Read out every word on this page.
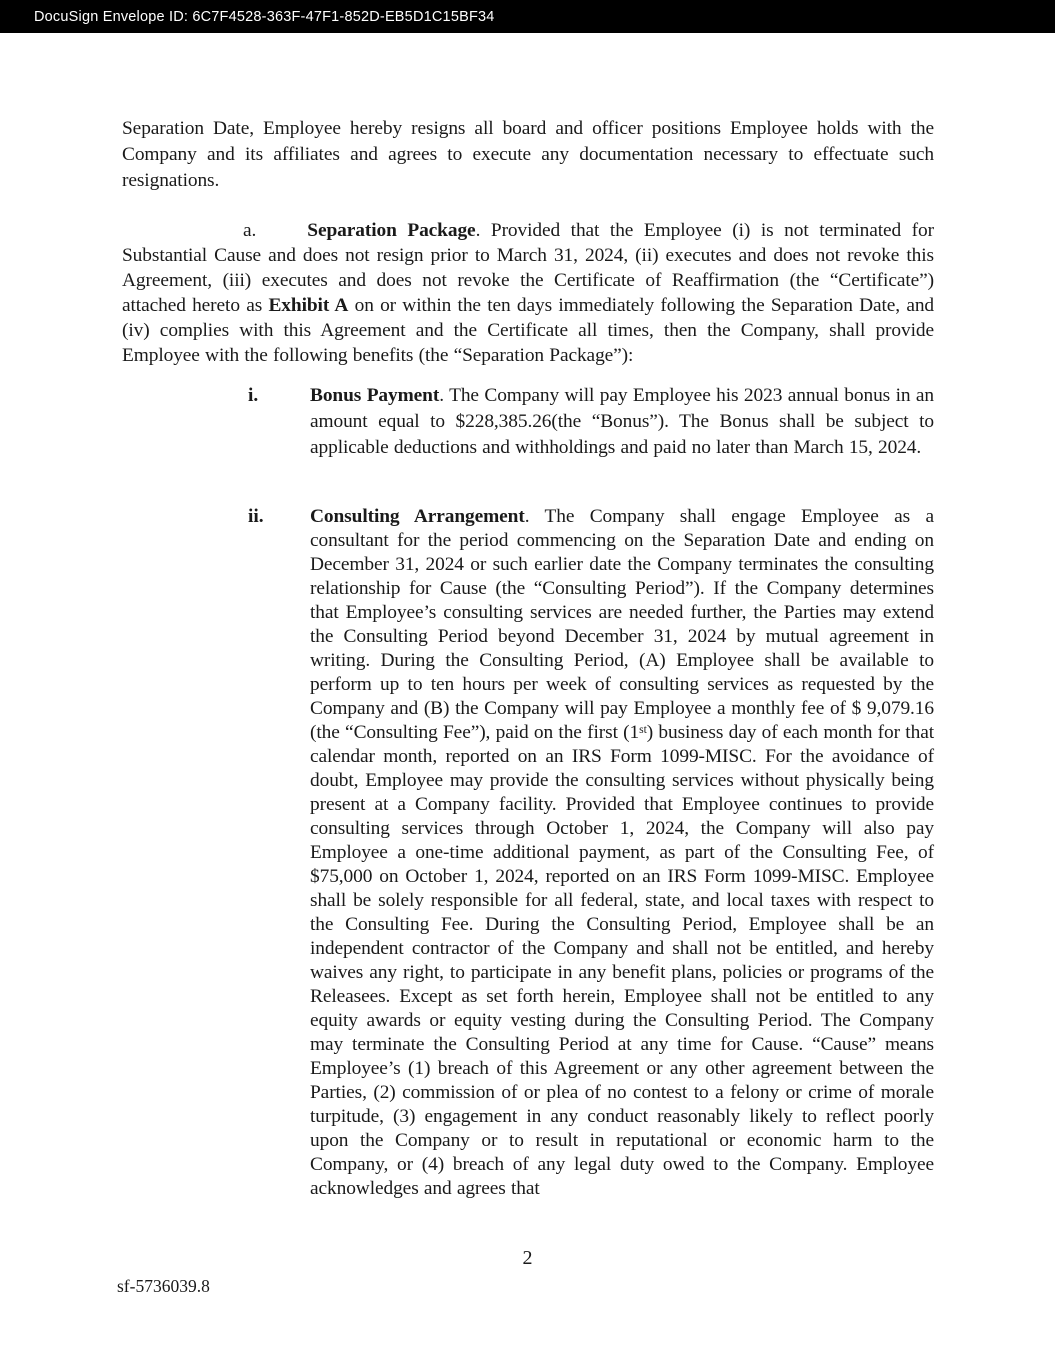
DocuSign Envelope ID: 6C7F4528-363F-47F1-852D-EB5D1C15BF34

Separation Date, Employee hereby resigns all board and officer positions Employee holds with the Company and its affiliates and agrees to execute any documentation necessary to effectuate such resignations.

a.	Separation Package. Provided that the Employee (i) is not terminated for Substantial Cause and does not resign prior to March 31, 2024, (ii) executes and does not revoke this Agreement, (iii) executes and does not revoke the Certificate of Reaffirmation (the “Certificate”) attached hereto as Exhibit A on or within the ten days immediately following the Separation Date, and (iv) complies with this Agreement and the Certificate all times, then the Company, shall provide Employee with the following benefits (the “Separation Package”):

i.	Bonus Payment. The Company will pay Employee his 2023 annual bonus in an amount equal to $228,385.26(the “Bonus”). The Bonus shall be subject to applicable deductions and withholdings and paid no later than March 15, 2024.
ii.	Consulting Arrangement. The Company shall engage Employee as a consultant for the period commencing on the Separation Date and ending on December 31, 2024 or such earlier date the Company terminates the consulting relationship for Cause (the “Consulting Period”). If the Company determines that Employee’s consulting services are needed further, the Parties may extend the Consulting Period beyond December 31, 2024 by mutual agreement in writing. During the Consulting Period, (A) Employee shall be available to perform up to ten hours per week of consulting services as requested by the Company and (B) the Company will pay Employee a monthly fee of $ 9,079.16 (the “Consulting Fee”), paid on the first (1st) business day of each month for that calendar month, reported on an IRS Form 1099-MISC. For the avoidance of doubt, Employee may provide the consulting services without physically being present at a Company facility. Provided that Employee continues to provide consulting services through October 1, 2024, the Company will also pay Employee a one-time additional payment, as part of the Consulting Fee, of $75,000 on October 1, 2024, reported on an IRS Form 1099-MISC. Employee shall be solely responsible for all federal, state, and local taxes with respect to the Consulting Fee. During the Consulting Period, Employee shall be an independent contractor of the Company and shall not be entitled, and hereby waives any right, to participate in any benefit plans, policies or programs of the Releasees. Except as set forth herein, Employee shall not be entitled to any equity awards or equity vesting during the Consulting Period. The Company may terminate the Consulting Period at any time for Cause. “Cause” means Employee’s (1) breach of this Agreement or any other agreement between the Parties, (2) commission of or plea of no contest to a felony or crime of morale turpitude, (3) engagement in any conduct reasonably likely to reflect poorly upon the Company or to result in reputational or economic harm to the Company, or (4) breach of any legal duty owed to the Company. Employee acknowledges and agrees that
2
sf-5736039.8
